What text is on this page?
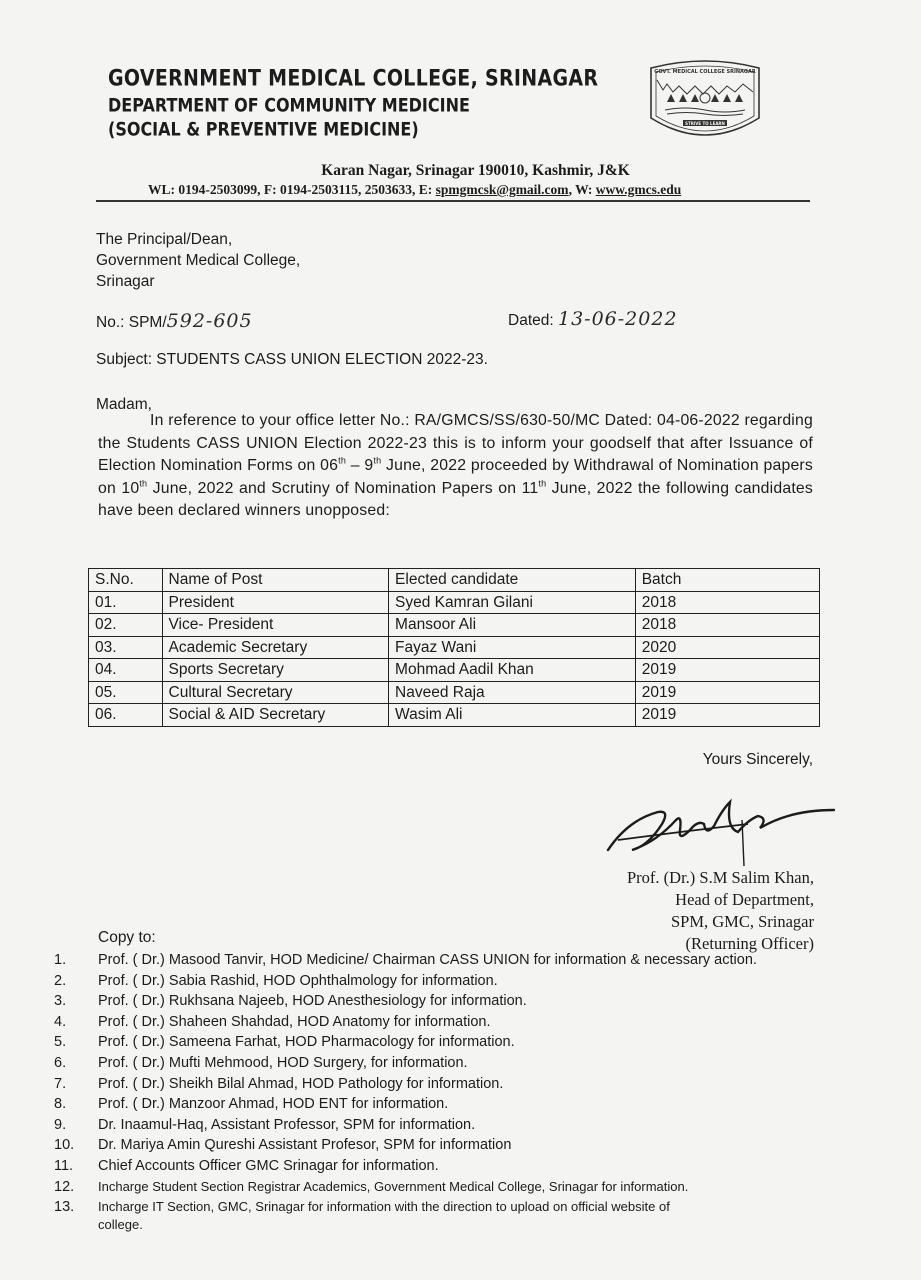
GOVERNMENT MEDICAL COLLEGE, SRINAGAR
DEPARTMENT OF COMMUNITY MEDICINE
(SOCIAL & PREVENTIVE MEDICINE)
GOVT. MEDICAL COLLEGE SRINAGAR
STRIVE TO LEARN
Karan Nagar, Srinagar 190010, Kashmir, J&K
WL: 0194-2503099, F: 0194-2503115, 2503633, E: spmgmcsk@gmail.com, W: www.gmcs.edu
The Principal/Dean,
Government Medical College,
Srinagar
No.: SPM/592-605	Dated: 13-06-2022
Subject: STUDENTS CASS UNION ELECTION 2022-23.
Madam,
In reference to your office letter No.: RA/GMCS/SS/630-50/MC Dated: 04-06-2022 regarding the Students CASS UNION Election 2022-23 this is to inform your goodself that after Issuance of Election Nomination Forms on 06th – 9th June, 2022 proceeded by Withdrawal of Nomination papers on 10th June, 2022 and Scrutiny of Nomination Papers on 11th June, 2022 the following candidates have been declared winners unopposed:
S.No.	Name of Post	Elected candidate	Batch
01.	President	Syed Kamran Gilani	2018
02.	Vice- President	Mansoor Ali	2018
03.	Academic Secretary	Fayaz Wani	2020
04.	Sports Secretary	Mohmad Aadil Khan	2019
05.	Cultural Secretary	Naveed Raja	2019
06.	Social & AID Secretary	Wasim Ali	2019
Yours Sincerely,
Prof. (Dr.) S.M Salim Khan,
Head of Department,
SPM, GMC, Srinagar
(Returning Officer)
Copy to:
1.	Prof. ( Dr.) Masood Tanvir, HOD Medicine/ Chairman CASS UNION for information & necessary action.
2.	Prof. ( Dr.) Sabia Rashid, HOD Ophthalmology for information.
3.	Prof. ( Dr.) Rukhsana Najeeb, HOD Anesthesiology for information.
4.	Prof. ( Dr.) Shaheen Shahdad, HOD Anatomy for information.
5.	Prof. ( Dr.) Sameena Farhat, HOD Pharmacology for information.
6.	Prof. ( Dr.) Mufti Mehmood, HOD Surgery, for information.
7.	Prof. ( Dr.) Sheikh Bilal Ahmad, HOD Pathology for information.
8.	Prof. ( Dr.) Manzoor Ahmad, HOD ENT for information.
9.	Dr. Inaamul-Haq, Assistant Professor, SPM for information.
10.	Dr. Mariya Amin Qureshi Assistant Profesor, SPM for information
11.	Chief Accounts Officer GMC Srinagar for information.
12.	Incharge Student Section Registrar Academics, Government Medical College, Srinagar for information.
13.	Incharge IT Section, GMC, Srinagar for information with the direction to upload on official website of
college.
